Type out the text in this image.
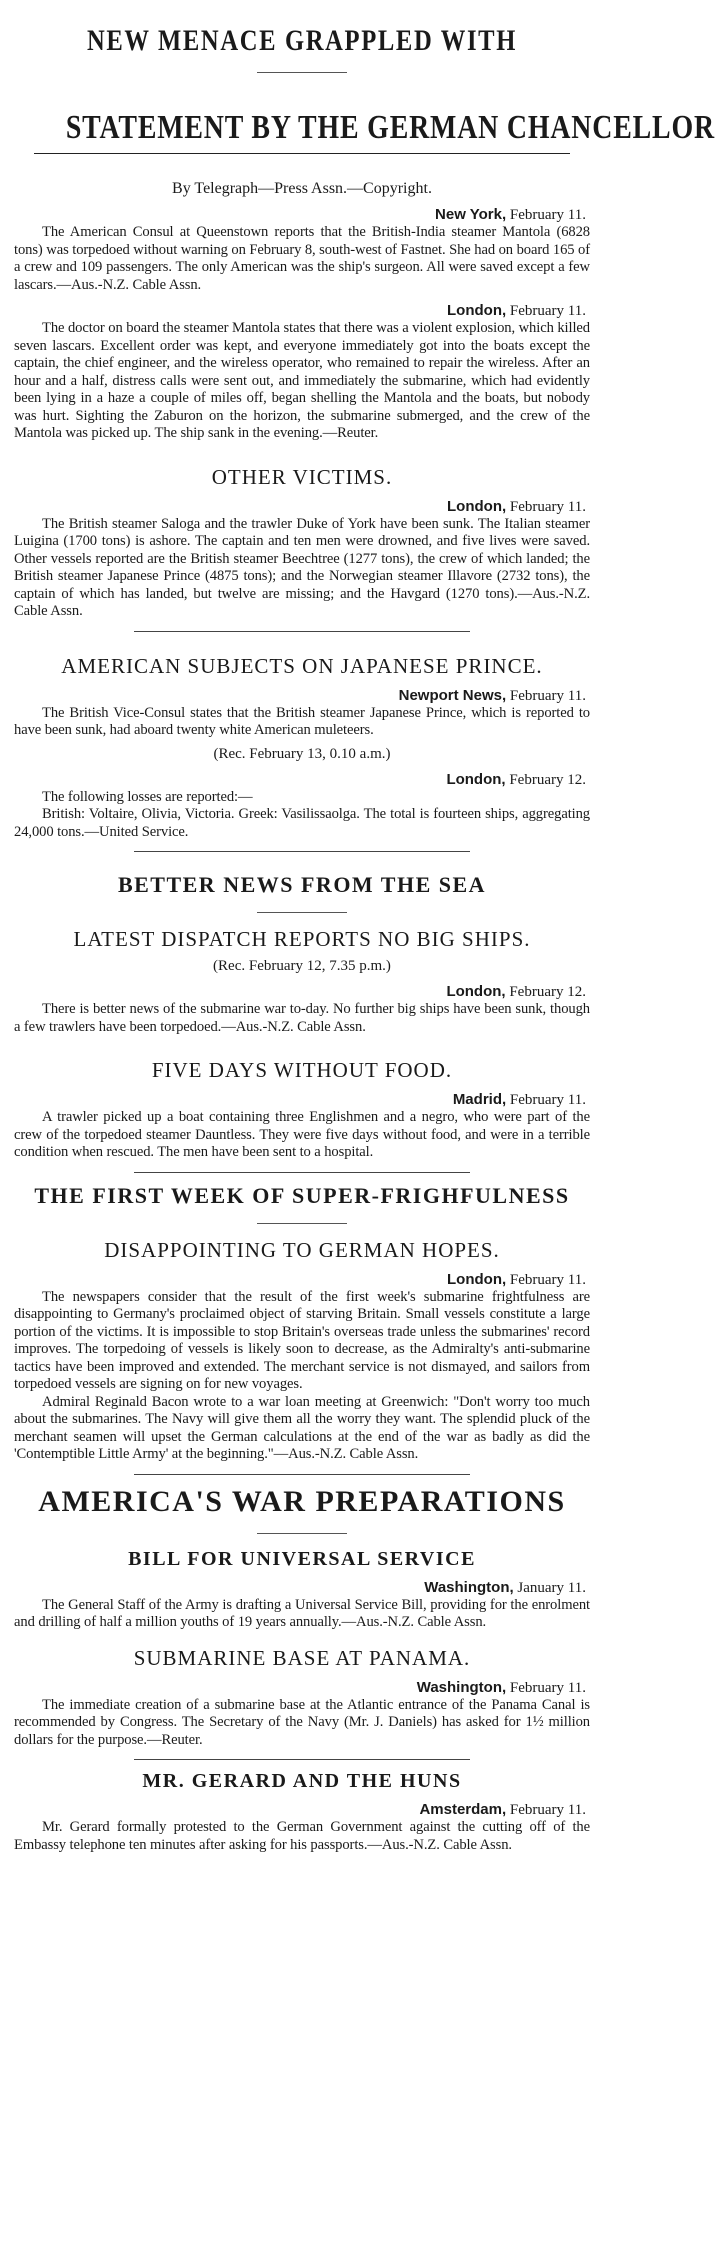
NEW MENACE GRAPPLED WITH
STATEMENT BY THE GERMAN CHANCELLOR
By Telegraph—Press Assn.—Copyright.
New York, February 11.

The American Consul at Queenstown reports that the British-India steamer Mantola (6828 tons) was torpedoed without warning on February 8, south-west of Fastnet. She had on board 165 of a crew and 109 passengers. The only American was the ship's surgeon. All were saved except a few lascars.—Aus.-N.Z. Cable Assn.

London, February 11.

The doctor on board the steamer Mantola states that there was a violent explosion, which killed seven lascars. Excellent order was kept, and everyone immediately got into the boats except the captain, the chief engineer, and the wireless operator, who remained to repair the wireless. After an hour and a half, distress calls were sent out, and immediately the submarine, which had evidently been lying in a haze a couple of miles off, began shelling the Mantola and the boats, but nobody was hurt. Sighting the Zaburon on the horizon, the submarine submerged, and the crew of the Mantola was picked up. The ship sank in the evening.—Reuter.

OTHER VICTIMS.
London, February 11.

The British steamer Saloga and the trawler Duke of York have been sunk. The Italian steamer Luigina (1700 tons) is ashore. The captain and ten men were drowned, and five lives were saved. Other vessels reported are the British steamer Beechtree (1277 tons), the crew of which landed; the British steamer Japanese Prince (4875 tons); and the Norwegian steamer Illavore (2732 tons), the captain of which has landed, but twelve are missing; and the Havgard (1270 tons).—Aus.-N.Z. Cable Assn.

AMERICAN SUBJECTS ON JAPANESE PRINCE.
Newport News, February 11.

The British Vice-Consul states that the British steamer Japanese Prince, which is reported to have been sunk, had aboard twenty white American muleteers.

(Rec. February 13, 0.10 a.m.)
London, February 12.

The following losses are reported:—

British: Voltaire, Olivia, Victoria. Greek: Vasilissaolga. The total is fourteen ships, aggregating 24,000 tons.—United Service.

BETTER NEWS FROM THE SEA
LATEST DISPATCH REPORTS NO BIG SHIPS.
(Rec. February 12, 7.35 p.m.)
London, February 12.

There is better news of the submarine war to-day. No further big ships have been sunk, though a few trawlers have been torpedoed.—Aus.-N.Z. Cable Assn.

FIVE DAYS WITHOUT FOOD.
Madrid, February 11.

A trawler picked up a boat containing three Englishmen and a negro, who were part of the crew of the torpedoed steamer Dauntless. They were five days without food, and were in a terrible condition when rescued. The men have been sent to a hospital.

THE FIRST WEEK OF SUPER-FRIGHFULNESS
DISAPPOINTING TO GERMAN HOPES.
London, February 11.

The newspapers consider that the result of the first week's submarine frightfulness are disappointing to Germany's proclaimed object of starving Britain. Small vessels constitute a large portion of the victims. It is impossible to stop Britain's overseas trade unless the submarines' record improves. The torpedoing of vessels is likely soon to decrease, as the Admiralty's anti-submarine tactics have been improved and extended. The merchant service is not dismayed, and sailors from torpedoed vessels are signing on for new voyages.

Admiral Reginald Bacon wrote to a war loan meeting at Greenwich: "Don't worry too much about the submarines. The Navy will give them all the worry they want. The splendid pluck of the merchant seamen will upset the German calculations at the end of the war as badly as did the 'Contemptible Little Army' at the beginning."—Aus.-N.Z. Cable Assn.

AMERICA'S WAR PREPARATIONS
BILL FOR UNIVERSAL SERVICE
Washington, January 11.

The General Staff of the Army is drafting a Universal Service Bill, providing for the enrolment and drilling of half a million youths of 19 years annually.—Aus.-N.Z. Cable Assn.

SUBMARINE BASE AT PANAMA.
Washington, February 11.

The immediate creation of a submarine base at the Atlantic entrance of the Panama Canal is recommended by Congress. The Secretary of the Navy (Mr. J. Daniels) has asked for 1½ million dollars for the purpose.—Reuter.

MR. GERARD AND THE HUNS
Amsterdam, February 11.

Mr. Gerard formally protested to the German Government against the cutting off of the Embassy telephone ten minutes after asking for his passports.—Aus.-N.Z. Cable Assn.
